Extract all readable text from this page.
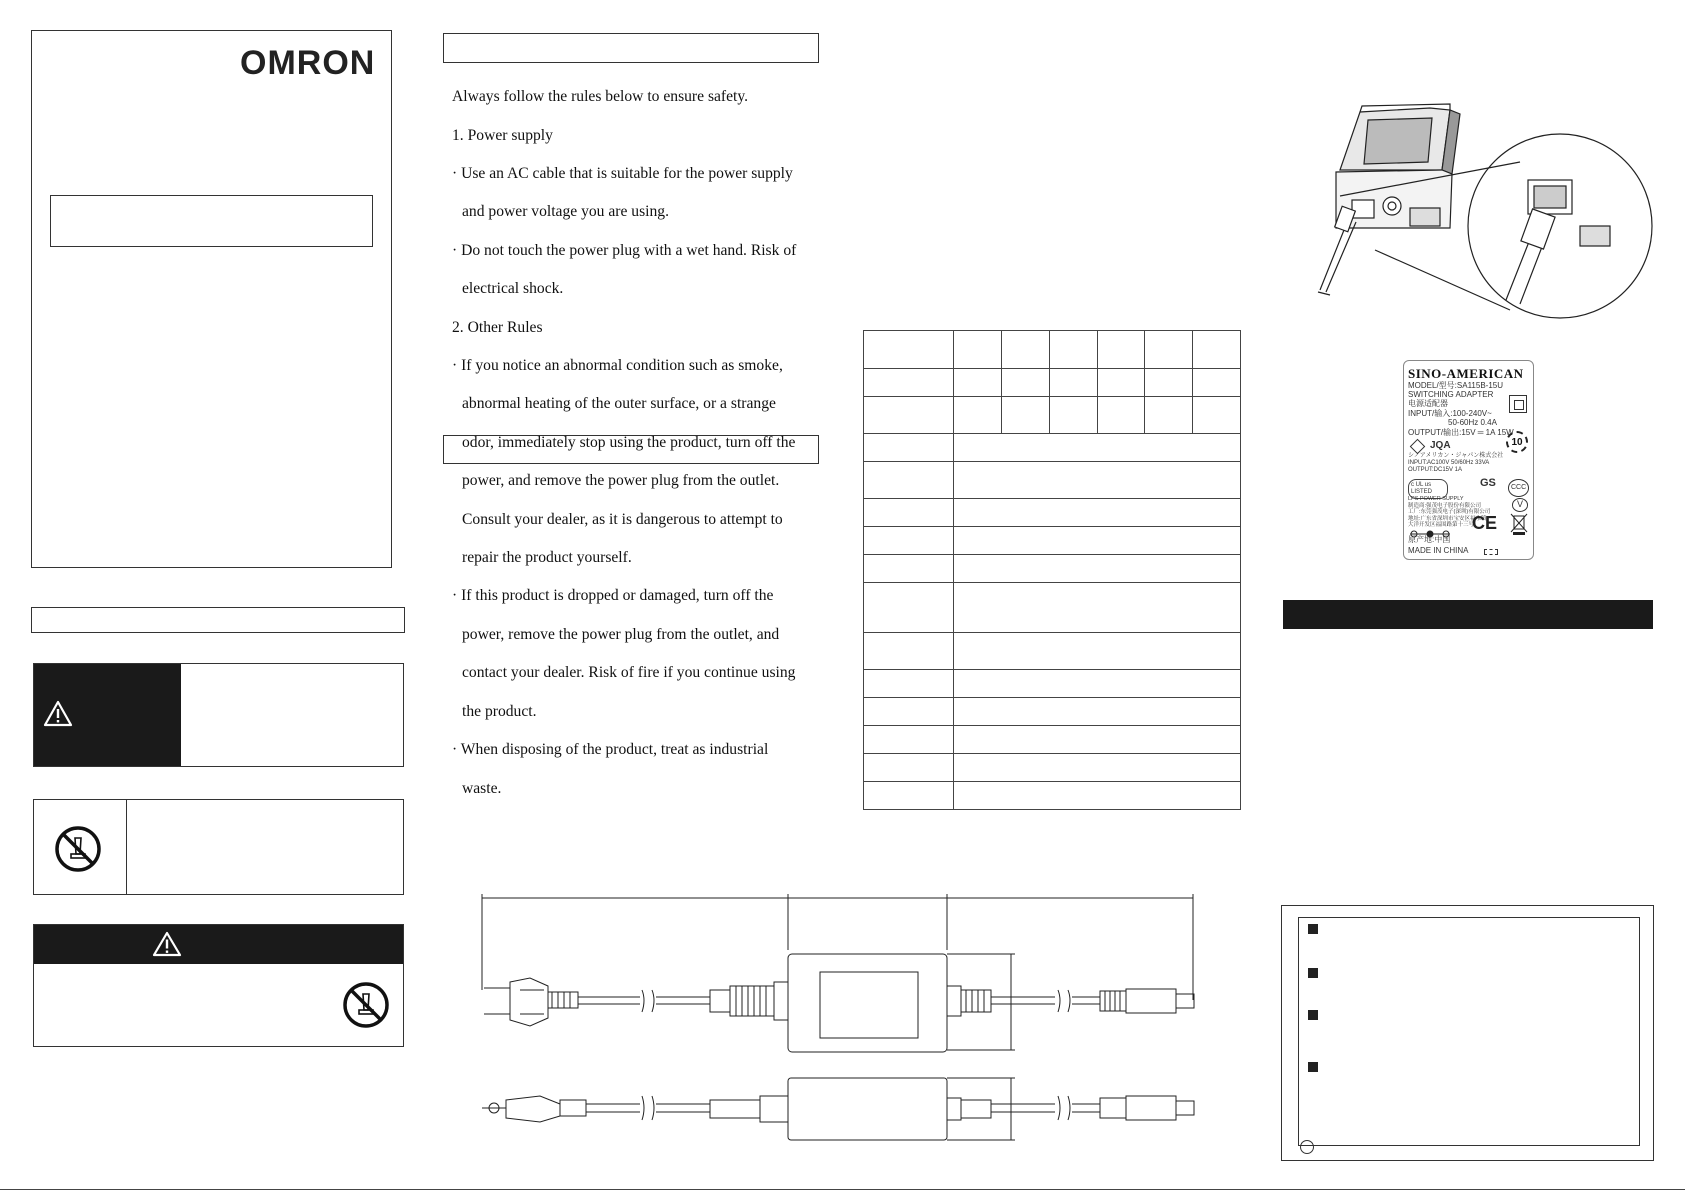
OMRON

Always follow the rules below to ensure safety.

1. Power supply

· Use an AC cable that is suitable for the power supply

and power voltage you are using.

· Do not touch the power plug with a wet hand. Risk of

electrical shock.

2. Other Rules

· If you notice an abnormal condition such as smoke,

abnormal heating of the outer surface, or a strange

odor, immediately stop using the product, turn off the

power, and remove the power plug from the outlet.

Consult your dealer, as it is dangerous to attempt to

repair the product yourself.

· If this product is dropped or damaged, turn off the

power, remove the power plug from the outlet, and

contact your dealer. Risk of fire if you continue using

the product.

· When disposing of the product, treat as industrial

waste.

SINO-AMERICAN
MODEL/型号:SA115B-15U
SWITCHING ADAPTER
电源适配器
INPUT/输入:100-240V~
50-60Hz 0.4A
OUTPUT/输出:15V ═ 1A 15W
JQA
シノアメリカン・ジャパン株式会社
INPUT:AC100V 50/60Hz 33VA
OUTPUT:DC15V 1A
10
c UL us LISTED
GS	CCC
LPS POWER SUPPLY
制造商:强茂电子股份有限公司
工厂:东莞强茂电子(深圳)有限公司
地址:广东省深圳市宝安区福永镇
大洋开发区福围路第十三号
V
CE
原产地:中国
MADE IN CHINA
